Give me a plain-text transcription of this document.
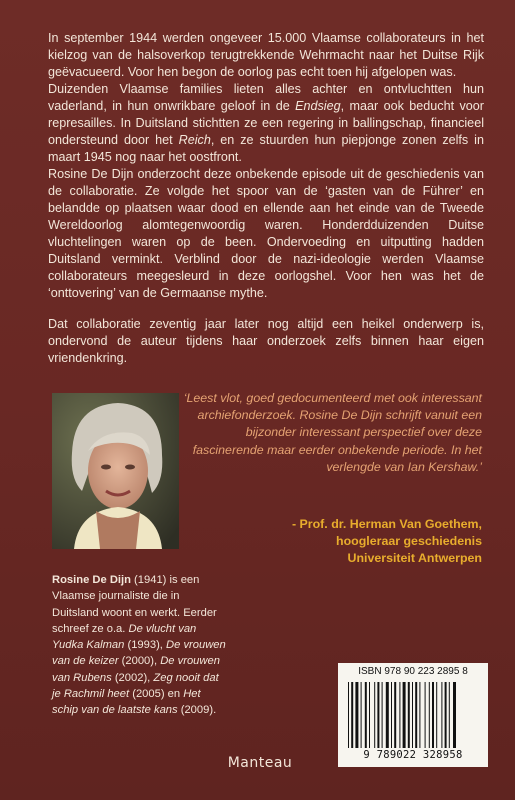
In september 1944 werden ongeveer 15.000 Vlaamse collaborateurs in het kielzog van de halsoverkop terugtrekkende Wehrmacht naar het Duitse Rijk geëvacueerd. Voor hen begon de oorlog pas echt toen hij afgelopen was.

Duizenden Vlaamse families lieten alles achter en ontvluchtten hun vaderland, in hun onwrikbare geloof in de Endsieg, maar ook beducht voor represailles. In Duitsland stichtten ze een regering in ballingschap, financieel ondersteund door het Reich, en ze stuurden hun piepjonge zonen zelfs in maart 1945 nog naar het oostfront.

Rosine De Dijn onderzocht deze onbekende episode uit de geschiedenis van de collaboratie. Ze volgde het spoor van de ‘gasten van de Führer’ en belandde op plaatsen waar dood en ellende aan het einde van de Tweede Wereldoorlog alomtegenwoordig waren. Honderdduizenden Duitse vluchtelingen waren op de been. Ondervoeding en uitputting hadden Duitsland verminkt. Verblind door de nazi-ideologie werden Vlaamse collaborateurs meegesleurd in deze oorlogshel. Voor hen was het de ‘onttovering’ van de Germaanse mythe.

Dat collaboratie zeventig jaar later nog altijd een heikel onderwerp is, ondervond de auteur tijdens haar onderzoek zelfs binnen haar eigen vriendenkring.

Rosine De Dijn (1941) is een Vlaamse journaliste die in Duitsland woont en werkt. Eerder schreef ze o.a. De vlucht van Yudka Kalman (1993), De vrouwen van de keizer (2000), De vrouwen van Rubens (2002), Zeg nooit dat je Rachmil heet (2005) en Het schip van de laatste kans (2009).
‘Leest vlot, goed gedocumenteerd met ook interessant archiefonderzoek. Rosine De Dijn schrijft vanuit een bijzonder interessant perspectief over deze fascinerende maar eerder onbekende periode. In het verlengde van Ian Kershaw.’
- Prof. dr. Herman Van Goethem,
hoogleraar geschiedenis
Universiteit Antwerpen
ISBN 978 90 223 2895 8
9 789022 328958
Manteau
